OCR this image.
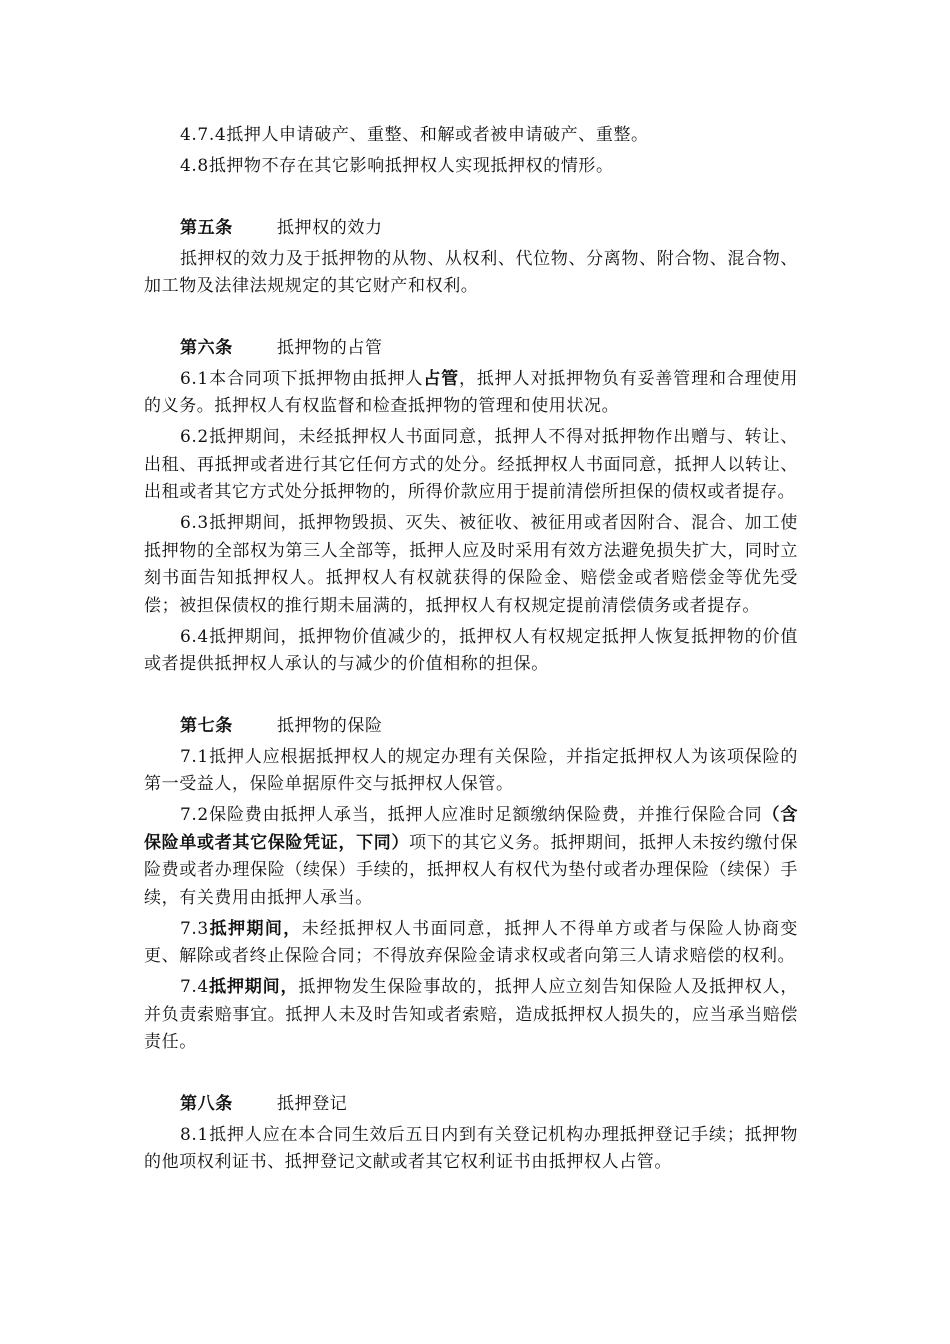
4.7.4抵押人申请破产、重整、和解或者被申请破产、重整。

4.8抵押物不存在其它影响抵押权人实现抵押权的情形。

第五条	抵押权的效力

抵押权的效力及于抵押物的从物、从权利、代位物、分离物、附合物、混合物、加工物及法律法规规定的其它财产和权利。

第六条	抵押物的占管

6.1本合同项下抵押物由抵押人占管，抵押人对抵押物负有妥善管理和合理使用的义务。抵押权人有权监督和检查抵押物的管理和使用状况。

6.2抵押期间，未经抵押权人书面同意，抵押人不得对抵押物作出赠与、转让、出租、再抵押或者进行其它任何方式的处分。经抵押权人书面同意，抵押人以转让、出租或者其它方式处分抵押物的，所得价款应用于提前清偿所担保的债权或者提存。

6.3抵押期间，抵押物毁损、灭失、被征收、被征用或者因附合、混合、加工使抵押物的全部权为第三人全部等，抵押人应及时采用有效方法避免损失扩大，同时立刻书面告知抵押权人。抵押权人有权就获得的保险金、赔偿金或者赔偿金等优先受偿；被担保债权的推行期未届满的，抵押权人有权规定提前清偿债务或者提存。

6.4抵押期间，抵押物价值减少的，抵押权人有权规定抵押人恢复抵押物的价值或者提供抵押权人承认的与减少的价值相称的担保。

第七条	抵押物的保险

7.1抵押人应根据抵押权人的规定办理有关保险，并指定抵押权人为该项保险的第一受益人，保险单据原件交与抵押权人保管。

7.2保险费由抵押人承当，抵押人应准时足额缴纳保险费，并推行保险合同（含保险单或者其它保险凭证，下同）项下的其它义务。抵押期间，抵押人未按约缴付保险费或者办理保险（续保）手续的，抵押权人有权代为垫付或者办理保险（续保）手续，有关费用由抵押人承当。

7.3抵押期间，未经抵押权人书面同意，抵押人不得单方或者与保险人协商变更、解除或者终止保险合同；不得放弃保险金请求权或者向第三人请求赔偿的权利。

7.4抵押期间，抵押物发生保险事故的，抵押人应立刻告知保险人及抵押权人，并负责索赔事宜。抵押人未及时告知或者索赔，造成抵押权人损失的，应当承当赔偿责任。

第八条	抵押登记

8.1抵押人应在本合同生效后五日内到有关登记机构办理抵押登记手续；抵押物的他项权利证书、抵押登记文献或者其它权利证书由抵押权人占管。
